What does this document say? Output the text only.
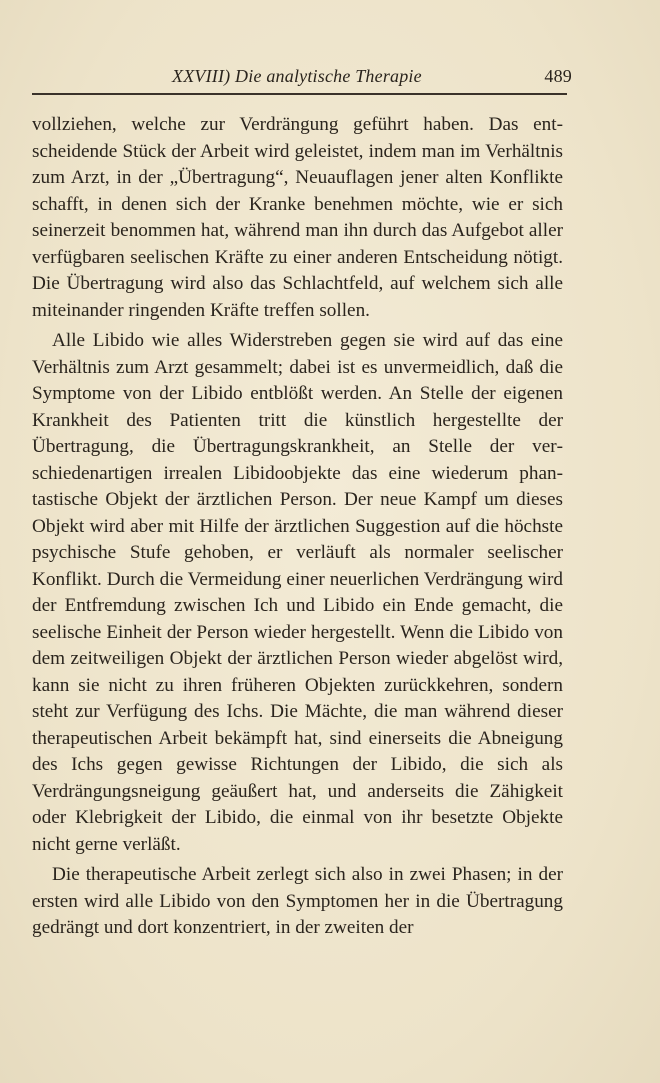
XXVIII) Die analytische Therapie	489

vollziehen, welche zur Verdrängung geführt haben. Das entscheidende Stück der Arbeit wird geleistet, indem man im Verhältnis zum Arzt, in der „Übertragung“, Neuauflagen jener alten Konflikte schafft, in denen sich der Kranke benehmen möchte, wie er sich seinerzeit benommen hat, während man ihn durch das Aufgebot aller verfügbaren seelischen Kräfte zu einer anderen Entscheidung nötigt. Die Übertragung wird also das Schlachtfeld, auf welchem sich alle miteinander ringenden Kräfte treffen sollen.

Alle Libido wie alles Widerstreben gegen sie wird auf das eine Verhältnis zum Arzt gesammelt; dabei ist es unvermeidlich, daß die Symptome von der Libido entblößt werden. An Stelle der eigenen Krankheit des Patienten tritt die künstlich hergestellte der Übertragung, die Übertragungskrankheit, an Stelle der verschiedenartigen irrealen Libidoobjekte das eine wiederum phantastische Objekt der ärztlichen Person. Der neue Kampf um dieses Objekt wird aber mit Hilfe der ärztlichen Suggestion auf die höchste psychische Stufe gehoben, er verläuft als normaler seelischer Konflikt. Durch die Vermeidung einer neuerlichen Verdrängung wird der Entfremdung zwischen Ich und Libido ein Ende gemacht, die seelische Einheit der Person wieder hergestellt. Wenn die Libido von dem zeitweiligen Objekt der ärztlichen Person wieder abgelöst wird, kann sie nicht zu ihren früheren Objekten zurückkehren, sondern steht zur Verfügung des Ichs. Die Mächte, die man während dieser therapeutischen Arbeit bekämpft hat, sind einerseits die Abneigung des Ichs gegen gewisse Richtungen der Libido, die sich als Verdrängungsneigung geäußert hat, und anderseits die Zähigkeit oder Klebrigkeit der Libido, die einmal von ihr besetzte Objekte nicht gerne verläßt.

Die therapeutische Arbeit zerlegt sich also in zwei Phasen; in der ersten wird alle Libido von den Symptomen her in die Übertragung gedrängt und dort konzentriert, in der zweiten der
